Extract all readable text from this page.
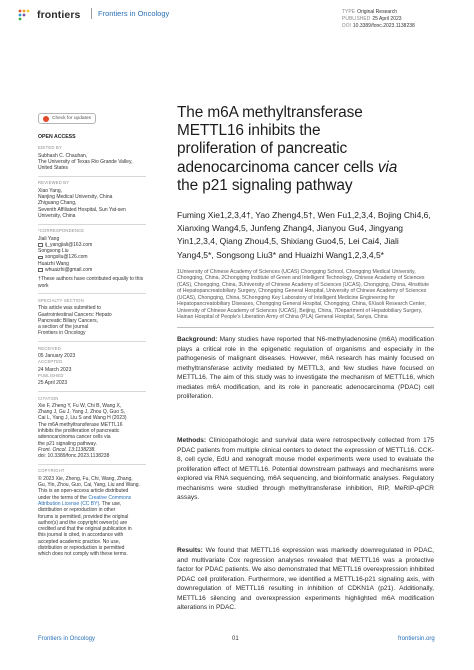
frontiers Frontiers in Oncology	TYPE Original Research
PUBLISHED 25 April 2023
DOI 10.3389/fonc.2023.1138238
Check for updates
OPEN ACCESS
EDITED BY
Subhash C. Chauhan,
The University of Texas Rio Grande Valley,
United States
REVIEWED BY
Xiao Yang,
Nanjing Medical University, China
Zhiguang Chang,
Seventh Affiliated Hospital, Sun Yat-sen
University, China
*CORRESPONDENCE
Jiali Yang
ij_yangjiali@163.com
Songsong Liu
songsliu@126.com
Huaizhi Wang
whuaizhi@gmail.com
†These authors have contributed equally to this work
SPECIALTY SECTION
This article was submitted to
Gastrointestinal Cancers: Hepato
Pancreatic Biliary Cancers,
a section of the journal
Frontiers in Oncology
RECEIVED
05 January 2023
ACCEPTED
24 March 2023
PUBLISHED
25 April 2023
CITATION
Xie F, Zheng Y, Fu W, Chi B, Wang X,
Zhang J, Gu J, Yang J, Zhou Q, Guo S,
Cai L, Yang J, Liu S and Wang H (2023)
The m6A methyltransferase METTL16
inhibits the proliferation of pancreatic
adenocarcinoma cancer cells via
the p21 signaling pathway.
Front. Oncol. 13:1138238.
doi: 10.3389/fonc.2023.1138238
COPYRIGHT
© 2023 Xie, Zheng, Fu, Chi, Wang, Zhang,
Gu, Yin, Zhou, Guo, Cai, Yang, Liu and Wang.
This is an open-access article distributed
under the terms of the Creative Commons
Attribution License (CC BY). The use,
distribution or reproduction in other
forums is permitted, provided the original
author(s) and the copyright owner(s) are
credited and that the original publication in
this journal is cited, in accordance with
accepted academic practice. No use,
distribution or reproduction is permitted
which does not comply with these terms.
The m6A methyltransferase
METTL16 inhibits the
proliferation of pancreatic
adenocarcinoma cancer cells via
the p21 signaling pathway

Fuming Xie1,2,3,4†, Yao Zheng4,5†, Wen Fu1,2,3,4, Bojing Chi4,6, Xianxing Wang4,5, Junfeng Zhang4, Jianyou Gu4, Jingyang Yin1,2,3,4, Qiang Zhou4,5, Shixiang Guo4,5, Lei Cai4, Jiali Yang4,5*, Songsong Liu3* and Huaizhi Wang1,2,3,4,5*

1University of Chinese Academy of Sciences (UCAS) Chongqing School, Chongqing Medical University, Chongqing, China, 2Chongqing Institute of Green and Intelligent Technology, Chinese Academy of Sciences (CAS), Chongqing, China, 3University of Chinese Academy of Sciences (UCAS), Chongqing, China, 4Institute of Hepatopancreatobiliary Surgery, Chongqing General Hospital, University of Chinese Academy of Sciences (UCAS), Chongqing, China, 5Chongqing Key Laboratory of Intelligent Medicine Engineering for Hepatopancreatobiliary Diseases, Chongqing General Hospital, Chongqing, China, 6Xiaoli Research Center, University of Chinese Academy of Sciences (UCAS), Beijing, China, 7Department of Hepatobiliary Surgery, Hainan Hospital of People's Liberation Army of China (PLA) General Hospital, Sanya, China

Background: Many studies have reported that N6-methyladenosine (m6A) modification plays a critical role in the epigenetic regulation of organisms and especially in the pathogenesis of malignant diseases. However, m6A research has mainly focused on methyltransferase activity mediated by METTL3, and few studies have focused on METTL16. The aim of this study was to investigate the mechanism of METTL16, which mediates m6A modification, and its role in pancreatic adenocarcinoma (PDAC) cell proliferation.

Methods: Clinicopathologic and survival data were retrospectively collected from 175 PDAC patients from multiple clinical centers to detect the expression of METTL16. CCK-8, cell cycle, EdU and xenograft mouse model experiments were used to evaluate the proliferation effect of METTL16. Potential downstream pathways and mechanisms were explored via RNA sequencing, m6A sequencing, and bioinformatic analyses. Regulatory mechanisms were studied through methyltransferase inhibition, RIP, MeRIP-qPCR assays.

Results: We found that METTL16 expression was markedly downregulated in PDAC, and multivariate Cox regression analyses revealed that METTL16 was a protective factor for PDAC patients. We also demonstrated that METTL16 overexpression inhibited PDAC cell proliferation. Furthermore, we identified a METTL16-p21 signaling axis, with downregulation of METTL16 resulting in inhibition of CDKN1A (p21). Additionally, METTL16 silencing and overexpression experiments highlighted m6A modification alterations in PDAC.

Frontiers in Oncology	01	frontiersin.org
